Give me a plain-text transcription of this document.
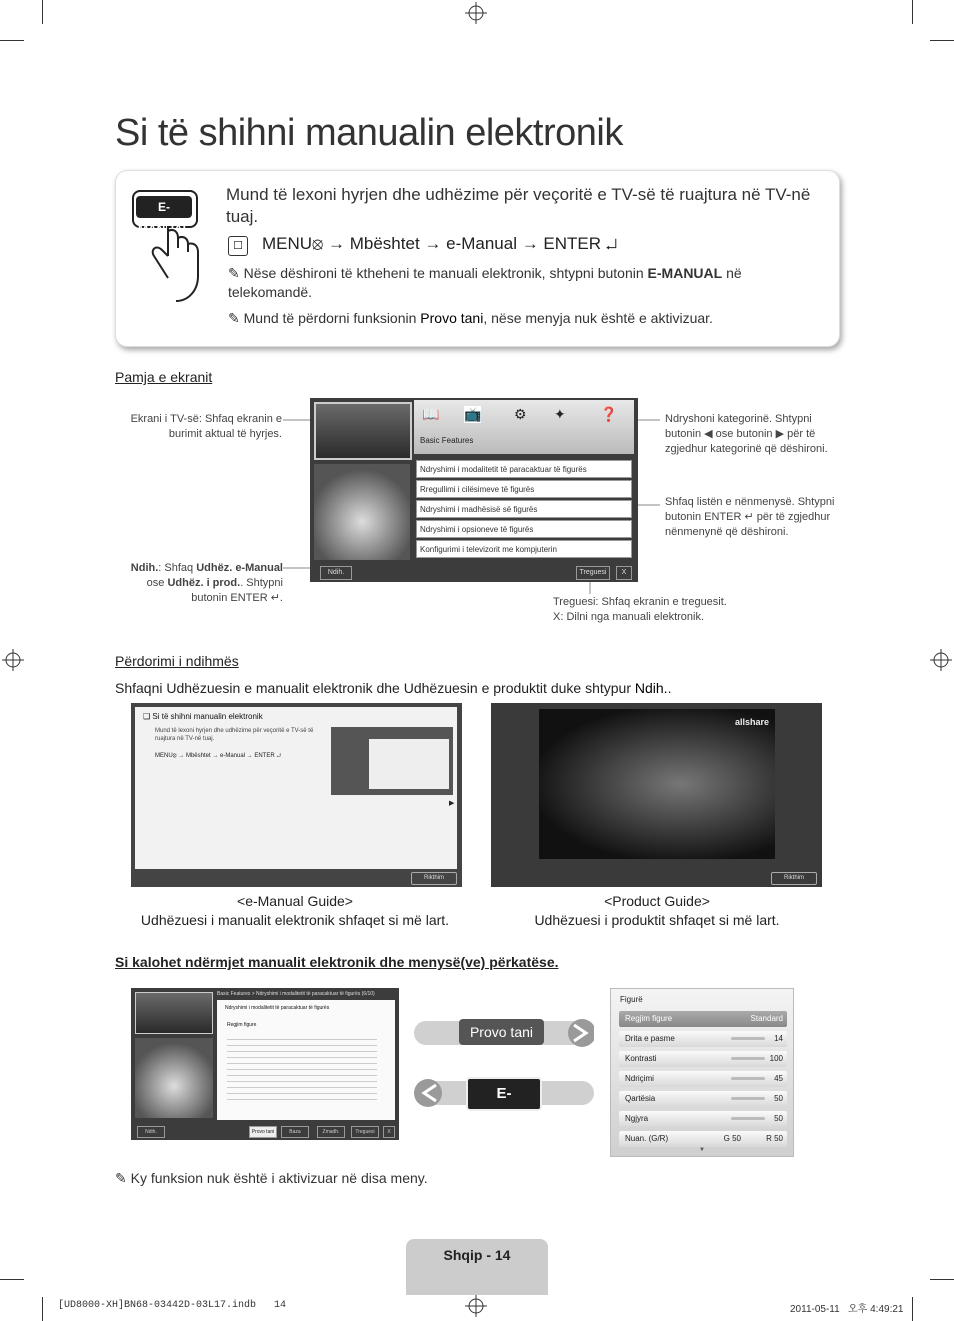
Si të shihni manualin elektronik
E-MANUAL
Mund të lexoni hyrjen dhe udhëzime për veçoritë e TV-së të ruajtura në TV-në tuaj.
☐ MENU⦻ → Mbështet → e-Manual → ENTER ↵
✎ Nëse dëshironi të ktheheni te manuali elektronik, shtypni butonin E-MANUAL në telekomandë.
✎ Mund të përdorni funksionin Provo tani, nëse menyja nuk është e aktivizuar.
Pamja e ekranit
Ekrani i TV-së: Shfaq ekranin e burimit aktual të hyrjes.
Ndih.: Shfaq Udhëz. e-Manual ose Udhëz. i prod.. Shtypni butonin ENTER ↵.
Ndryshoni kategorinë. Shtypni butonin ◀ ose butonin ▶ për të zgjedhur kategorinë që dëshironi.
Shfaq listën e nënmenysë. Shtypni butonin ENTER ↵ për të zgjedhur nënmenynë që dëshironi.
Treguesi: Shfaq ekranin e treguesit.
X: Dilni nga manuali elektronik.
📖 📺 ⚙ ✦ ❓
Basic Features
Ndryshimi i modalitetit të paracaktuar të figurës
Rregullimi i cilësimeve të figurës
Ndryshimi i madhësisë së figurës
Ndryshimi i opsioneve të figurës
Konfigurimi i televizorit me kompjuterin
Ndih.	Treguesi	X
Përdorimi i ndihmës
Shfaqni Udhëzuesin e manualit elektronik dhe Udhëzuesin e produktit duke shtypur Ndih..
❑ Si të shihni manualin elektronik
Mund të lexoni hyrjen dhe udhëzime për veçoritë e TV-së të ruajtura në TV-në tuaj.
MENU⦻ → Mbështet → e-Manual → ENTER ↵
▶
Rikthim
allshare
Rikthim
<e-Manual Guide>
Udhëzuesi i manualit elektronik shfaqet si më lart.
<Product Guide>
Udhëzuesi i produktit shfaqet si më lart.
Si kalohet ndërmjet manualit elektronik dhe menysë(ve) përkatëse.
Basic Features > Ndryshimi i modalitetit të paracaktuar të figurës (6/10)
Ndryshimi i modalitetit të paracaktuar të figurës
Regjim figure
Ndih.	Provo tani	Baza	Zmadh.	Treguesi	X
Provo tani
E-MANUAL
Figurë
Regjim figure	Standard
Drita e pasme	14
Kontrasti	100
Ndriçimi	45
Qartësia	50
Ngjyra	50
Nuan. (G/R)	G 50	R 50
▼
✎ Ky funksion nuk është i aktivizuar në disa meny.
Shqip - 14
[UD8000-XH]BN68-03442D-03L17.indb   14	2011-05-11   오후 4:49:21
